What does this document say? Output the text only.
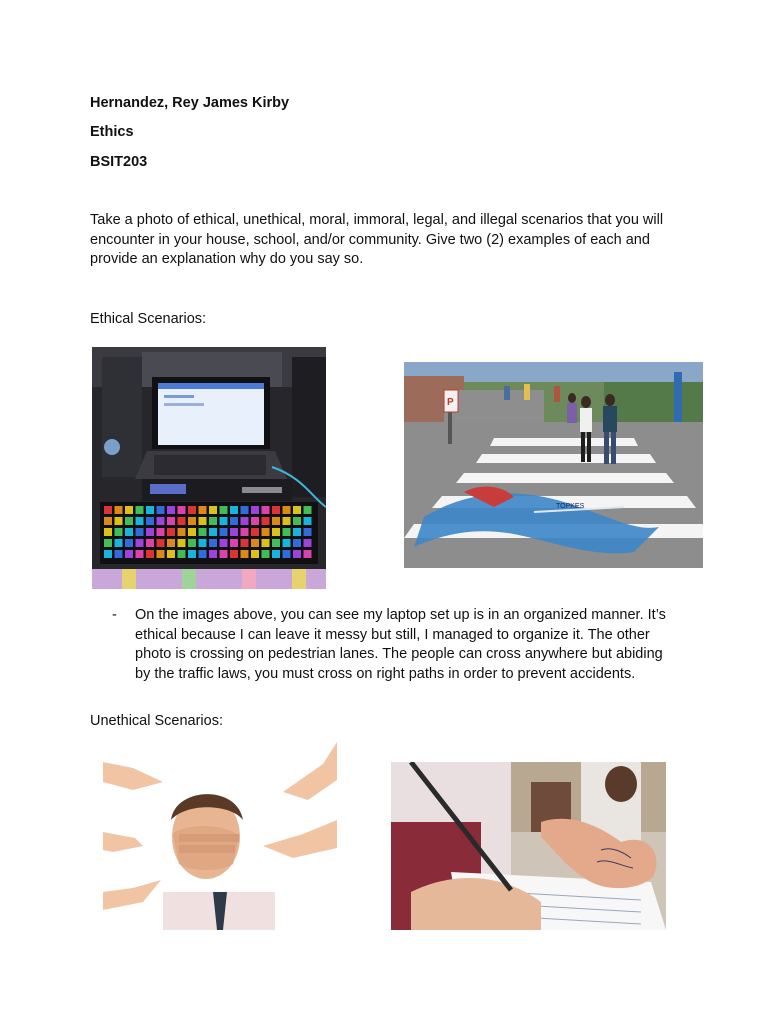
Hernandez, Rey James Kirby
Ethics
BSIT203
Take a photo of ethical, unethical, moral, immoral, legal, and illegal scenarios that you will encounter in your house, school, and/or community. Give two (2) examples of each and provide an explanation why do you say so.
Ethical Scenarios:
TOPKES
P
- On the images above, you can see my laptop set up is in an organized manner. It’s ethical because I can leave it messy but still, I managed to organize it. The other photo is crossing on pedestrian lanes. The people can cross anywhere but abiding by the traffic laws, you must cross on right paths in order to prevent accidents.
Unethical Scenarios:
